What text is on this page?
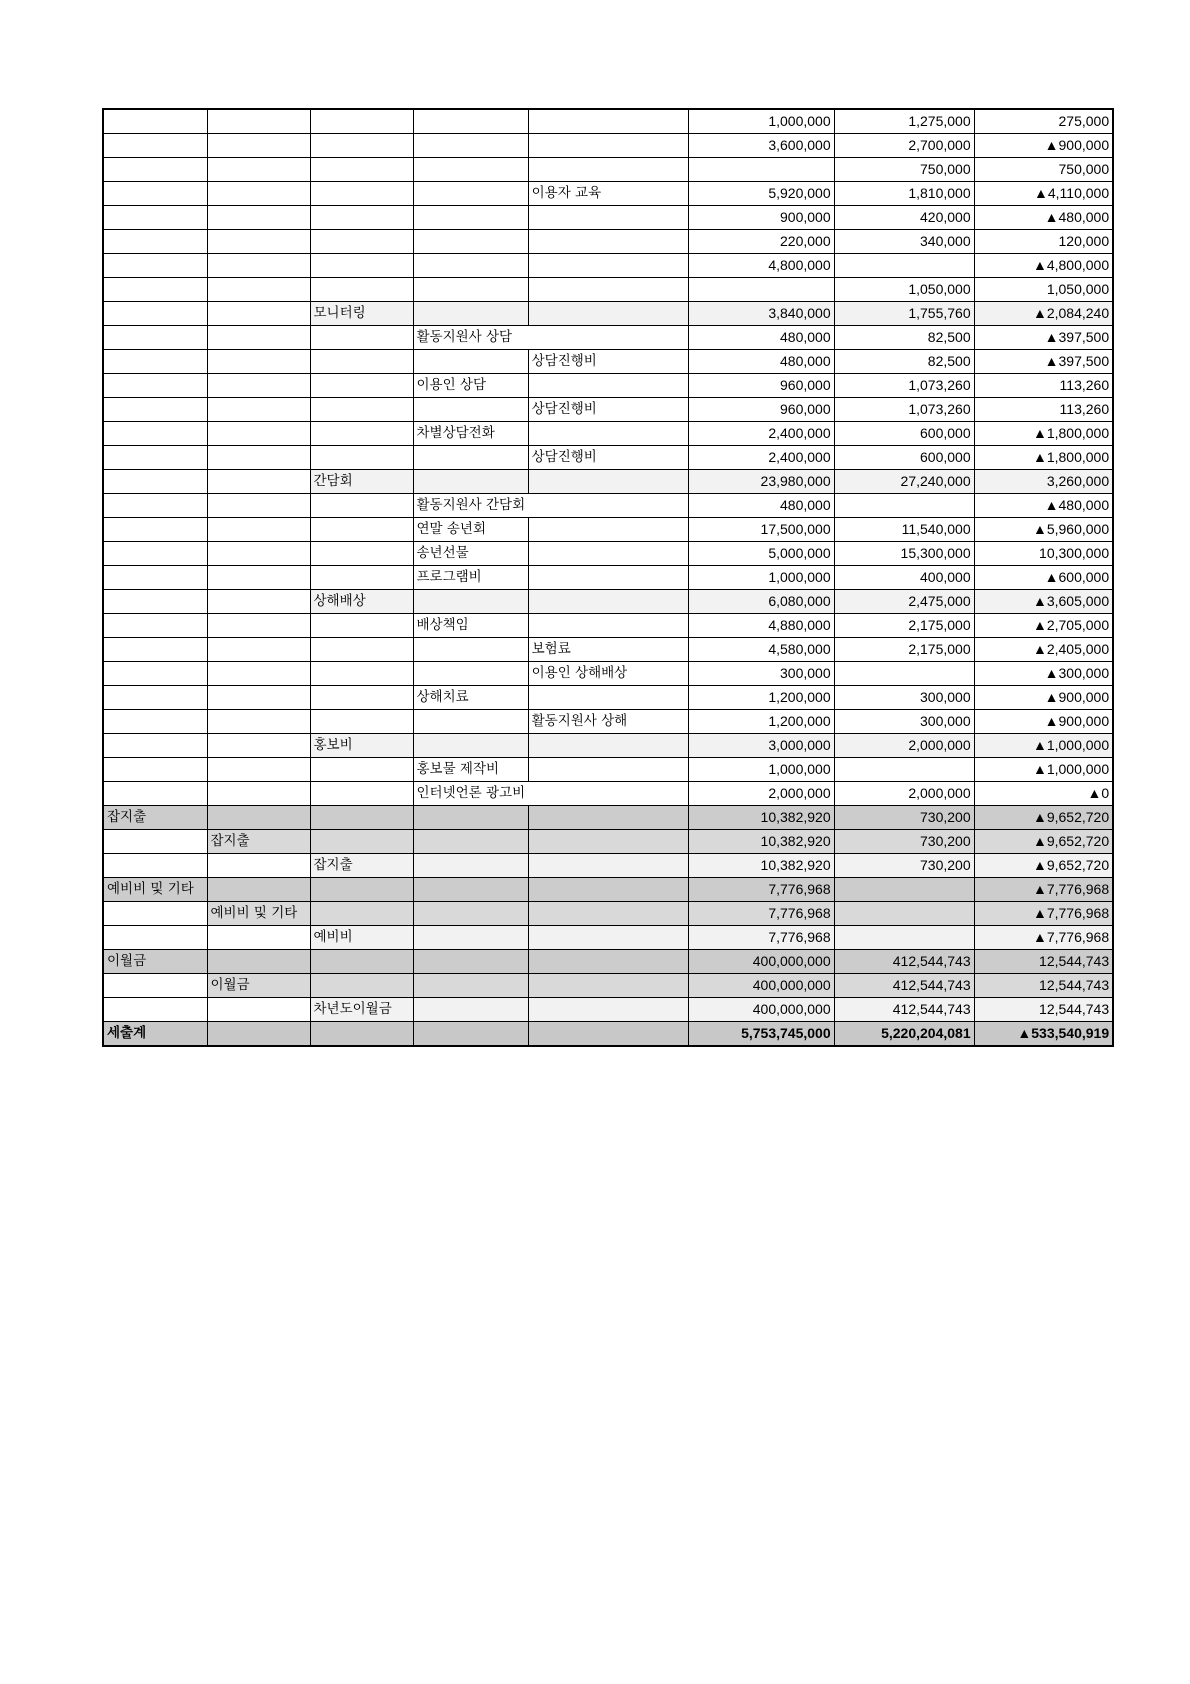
					1,000,000	1,275,000	275,000
					3,600,000	2,700,000	▲900,000
						750,000	750,000
				이용자 교육	5,920,000	1,810,000	▲4,110,000
					900,000	420,000	▲480,000
					220,000	340,000	120,000
					4,800,000		▲4,800,000
						1,050,000	1,050,000
		모니터링			3,840,000	1,755,760	▲2,084,240
			활동지원사 상담		480,000	82,500	▲397,500
				상담진행비	480,000	82,500	▲397,500
			이용인 상담		960,000	1,073,260	113,260
				상담진행비	960,000	1,073,260	113,260
			차별상담전화		2,400,000	600,000	▲1,800,000
				상담진행비	2,400,000	600,000	▲1,800,000
		간담회			23,980,000	27,240,000	3,260,000
			활동지원사 간담회		480,000		▲480,000
			연말 송년회		17,500,000	11,540,000	▲5,960,000
			송년선물		5,000,000	15,300,000	10,300,000
			프로그램비		1,000,000	400,000	▲600,000
		상해배상			6,080,000	2,475,000	▲3,605,000
			배상책임		4,880,000	2,175,000	▲2,705,000
				보험료	4,580,000	2,175,000	▲2,405,000
				이용인 상해배상	300,000		▲300,000
			상해치료		1,200,000	300,000	▲900,000
				활동지원사 상해	1,200,000	300,000	▲900,000
		홍보비			3,000,000	2,000,000	▲1,000,000
			홍보물 제작비		1,000,000		▲1,000,000
			인터넷언론 광고비		2,000,000	2,000,000	▲0
잡지출					10,382,920	730,200	▲9,652,720
	잡지출				10,382,920	730,200	▲9,652,720
		잡지출			10,382,920	730,200	▲9,652,720
예비비 및 기타					7,776,968		▲7,776,968
	예비비 및 기타				7,776,968		▲7,776,968
		예비비			7,776,968		▲7,776,968
이월금					400,000,000	412,544,743	12,544,743
	이월금				400,000,000	412,544,743	12,544,743
		차년도이월금			400,000,000	412,544,743	12,544,743
세출계					5,753,745,000	5,220,204,081	▲533,540,919
